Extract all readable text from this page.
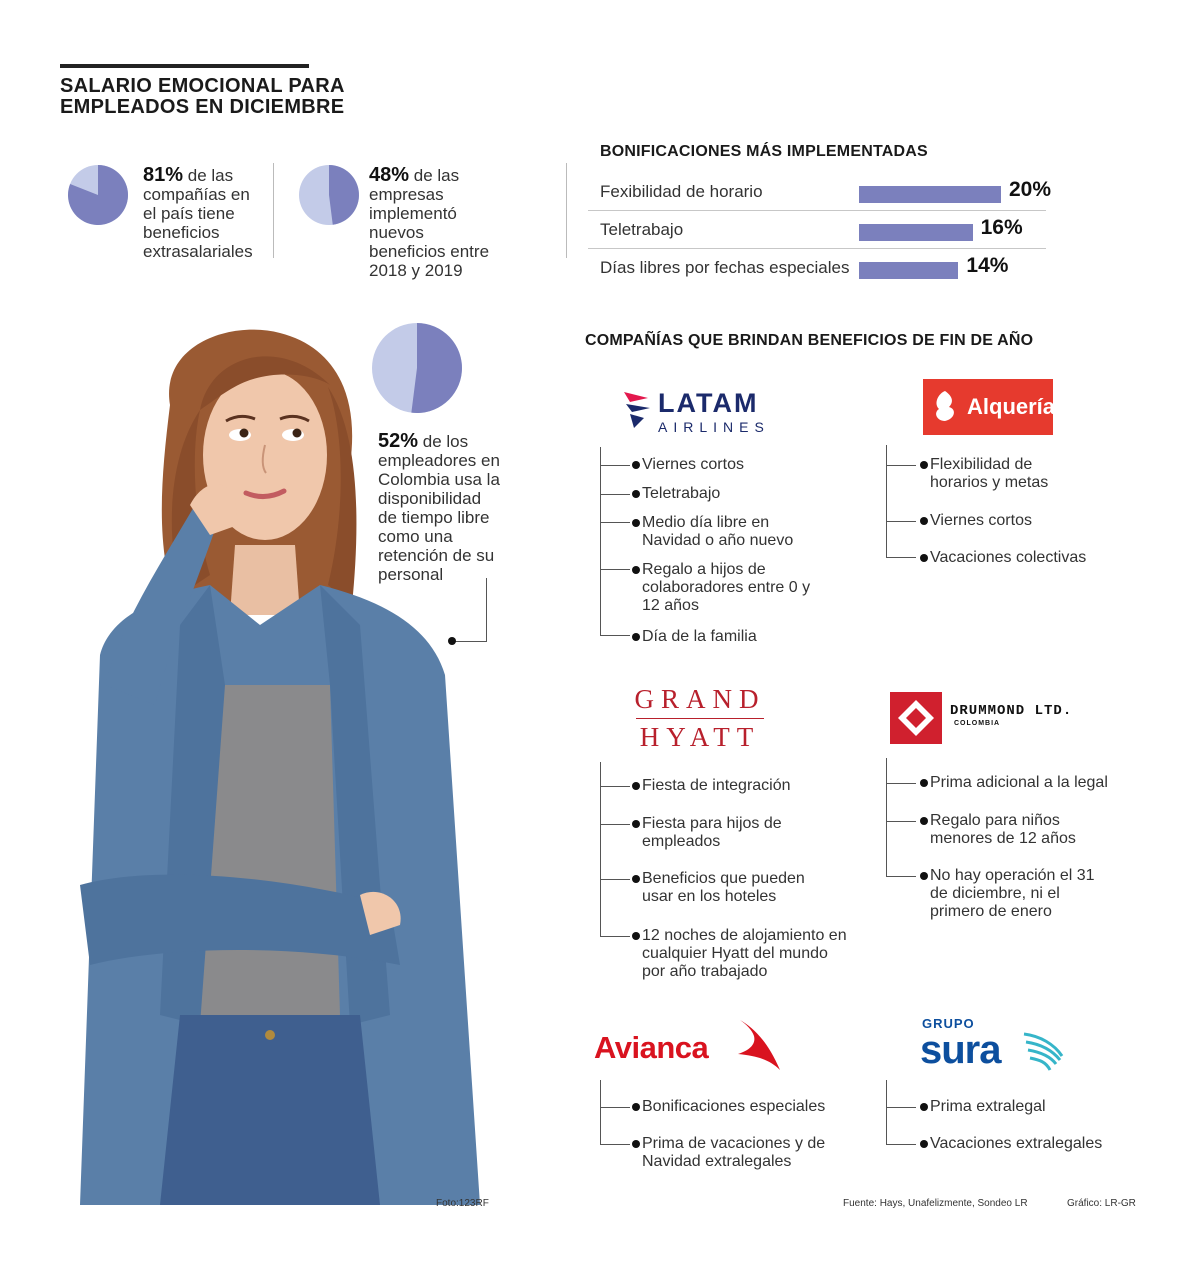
SALARIO EMOCIONAL PARA
EMPLEADOS EN DICIEMBRE
81% de las compañías en el país tiene beneficios extrasalariales
48% de las empresas implementó nuevos beneficios entre 2018 y 2019
BONIFICACIONES MÁS IMPLEMENTADAS
Fexibilidad de horario	20%
Teletrabajo	16%
Días libres por fechas especiales	14%
52% de los empleadores en Colombia usa la disponibilidad de tiempo libre como una retención de su personal
COMPAÑÍAS QUE BRINDAN BENEFICIOS DE FIN DE AÑO
LATAM
AIRLINES
Viernes cortos
Teletrabajo
Medio día libre en Navidad o año nuevo
Regalo a hijos de colaboradores entre 0 y 12 años
Día de la familia
Alquería
Flexibilidad de horarios y metas
Viernes cortos
Vacaciones colectivas
GRAND
HYATT
Fiesta de integración
Fiesta para hijos de empleados
Beneficios que pueden usar en los hoteles
12 noches de alojamiento en cualquier Hyatt del mundo por año trabajado
DRUMMOND LTD.
COLOMBIA
Prima adicional a la legal
Regalo para niños menores de 12 años
No hay operación el 31 de diciembre, ni el primero de enero
Avianca
Bonificaciones especiales
Prima de vacaciones y de Navidad extralegales
GRUPO
sura
Prima extralegal
Vacaciones extralegales
Foto:123RF	Fuente: Hays, Unafelizmente, Sondeo LR	Gráfico: LR-GR
